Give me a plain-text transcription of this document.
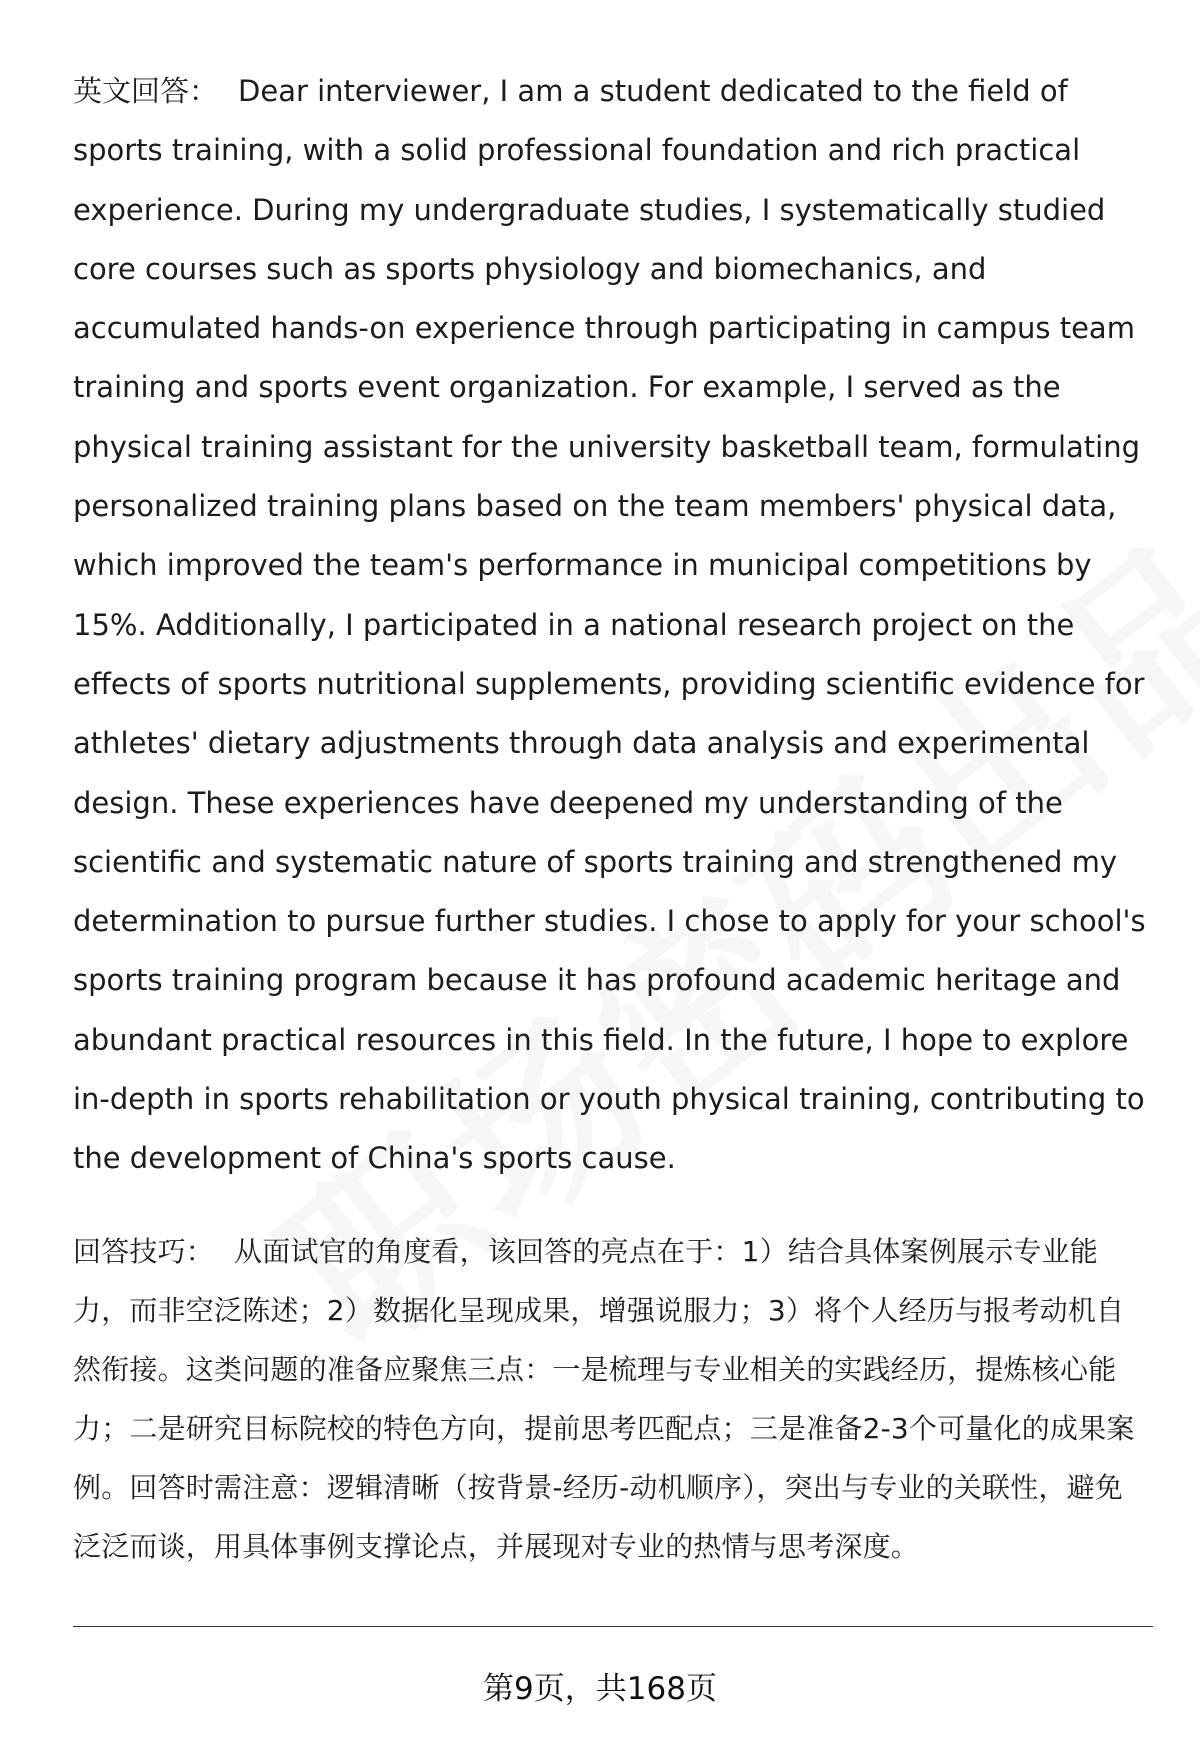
英文回答： Dear interviewer, I am a student dedicated to the field of sports training, with a solid professional foundation and rich practical experience. During my undergraduate studies, I systematically studied core courses such as sports physiology and biomechanics, and accumulated hands-on experience through participating in campus team training and sports event organization. For example, I served as the physical training assistant for the university basketball team, formulating personalized training plans based on the team members' physical data, which improved the team's performance in municipal competitions by 15%. Additionally, I participated in a national research project on the effects of sports nutritional supplements, providing scientific evidence for athletes' dietary adjustments through data analysis and experimental design. These experiences have deepened my understanding of the scientific and systematic nature of sports training and strengthened my determination to pursue further studies. I chose to apply for your school's sports training program because it has profound academic heritage and abundant practical resources in this field. In the future, I hope to explore in-depth in sports rehabilitation or youth physical training, contributing to the development of China's sports cause.

回答技巧： 从面试官的角度看，该回答的亮点在于：1）结合具体案例展示专业能力，而非空泛陈述；2）数据化呈现成果，增强说服力；3）将个人经历与报考动机自然衔接。这类问题的准备应聚焦三点：一是梳理与专业相关的实践经历，提炼核心能力；二是研究目标院校的特色方向，提前思考匹配点；三是准备2-3个可量化的成果案例。回答时需注意：逻辑清晰（按背景-经历-动机顺序），突出与专业的关联性，避免泛泛而谈，用具体事例支撑论点，并展现对专业的热情与思考深度。

第9页，共168页
